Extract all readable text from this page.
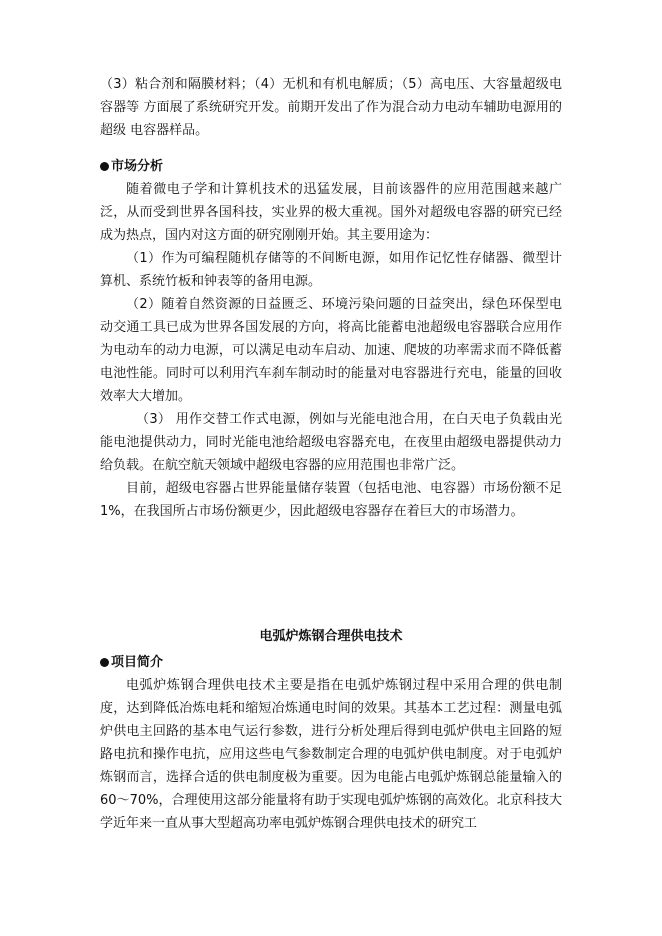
（3）粘合剂和隔膜材料；（4）无机和有机电解质；（5）高电压、大容量超级电容器等 方面展了系统研究开发。前期开发出了作为混合动力电动车辅助电源用的超级 电容器样品。

市场分析

随着微电子学和计算机技术的迅猛发展，目前该器件的应用范围越来越广泛，从而受到世界各国科技，实业界的极大重视。国外对超级电容器的研究已经成为热点，国内对这方面的研究刚刚开始。其主要用途为：

（1）作为可编程随机存储等的不间断电源，如用作记忆性存储器、微型计算机、系统竹板和钟表等的备用电源。

（2）随着自然资源的日益匮乏、环境污染问题的日益突出，绿色环保型电动交通工具已成为世界各国发展的方向，将高比能蓄电池超级电容器联合应用作为电动车的动力电源，可以满足电动车启动、加速、爬坡的功率需求而不降低蓄 电池性能。同时可以利用汽车刹车制动时的能量对电容器进行充电，能量的回收效率大大增加。

（3） 用作交替工作式电源，例如与光能电池合用，在白天电子负载由光能电池提供动力，同时光能电池给超级电容器充电，在夜里由超级电器提供动力 给负载。在航空航天领域中超级电容器的应用范围也非常广泛。

目前，超级电容器占世界能量储存装置（包括电池、电容器）市场份额不足 1%，在我国所占市场份额更少，因此超级电容器存在着巨大的市场潜力。

电弧炉炼钢合理供电技术

项目简介

电弧炉炼钢合理供电技术主要是指在电弧炉炼钢过程中采用合理的供电制度，达到降低冶炼电耗和缩短冶炼通电时间的效果。其基本工艺过程：测量电弧炉供电主回路的基本电气运行参数，进行分析处理后得到电弧炉供电主回路的短路电抗和操作电抗，应用这些电气参数制定合理的电弧炉供电制度。对于电弧炉炼钢而言，选择合适的供电制度极为重要。因为电能占电弧炉炼钢总能量输入的 60～70%，合理使用这部分能量将有助于实现电弧炉炼钢的高效化。北京科技大学近年来一直从事大型超高功率电弧炉炼钢合理供电技术的研究工
